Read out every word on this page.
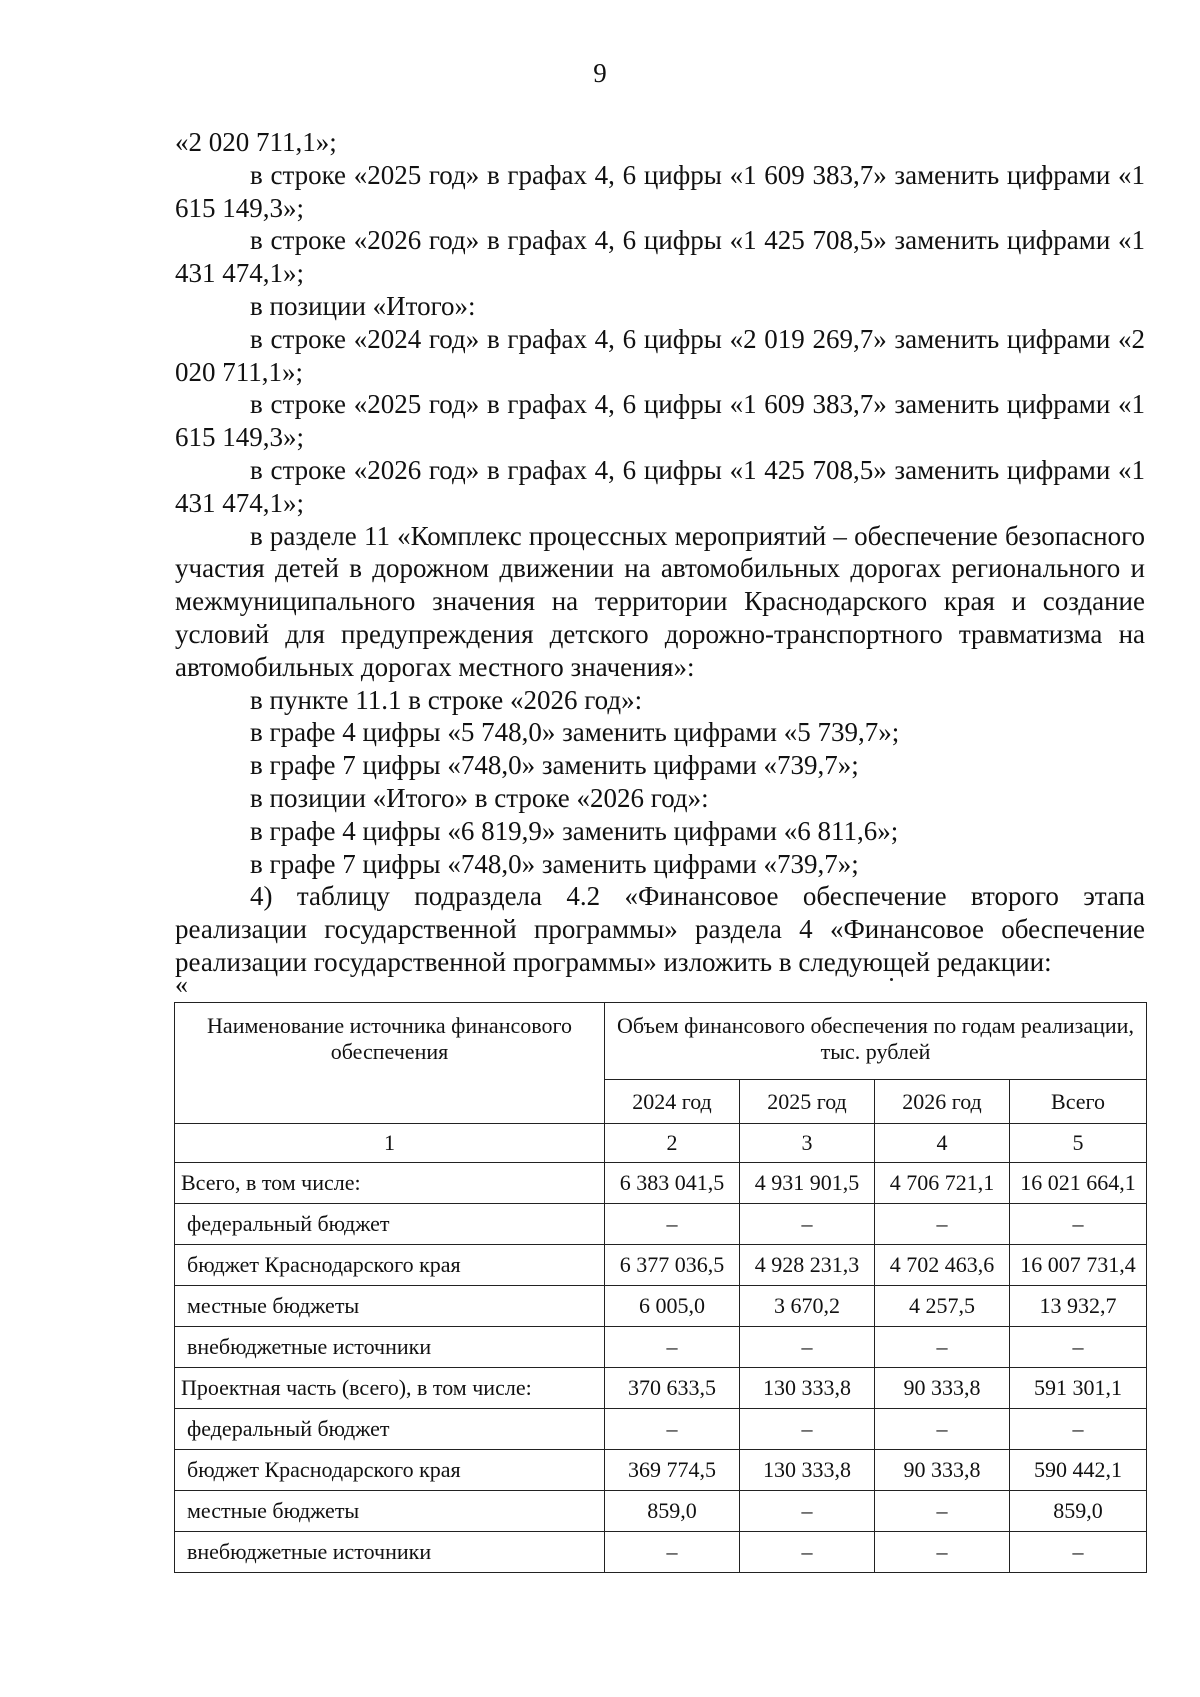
9

«2 020 711,1»;

в строке «2025 год» в графах 4, 6 цифры «1 609 383,7» заменить цифрами «1 615 149,3»;

в строке «2026 год» в графах 4, 6 цифры «1 425 708,5» заменить цифрами «1 431 474,1»;

в позиции «Итого»:

в строке «2024 год» в графах 4, 6 цифры «2 019 269,7» заменить цифрами «2 020 711,1»;

в строке «2025 год» в графах 4, 6 цифры «1 609 383,7» заменить цифрами «1 615 149,3»;

в строке «2026 год» в графах 4, 6 цифры «1 425 708,5» заменить цифрами «1 431 474,1»;

в разделе 11 «Комплекс процессных мероприятий – обеспечение безопасного участия детей в дорожном движении на автомобильных дорогах регионального и межмуниципального значения на территории Краснодарского края и создание условий для предупреждения детского дорожно-транспортного травматизма на автомобильных дорогах местного значения»:

в пункте 11.1 в строке «2026 год»:

в графе 4 цифры «5 748,0» заменить цифрами «5 739,7»;

в графе 7 цифры «748,0» заменить цифрами «739,7»;

в позиции «Итого» в строке «2026 год»:

в графе 4 цифры «6 819,9» заменить цифрами «6 811,6»;

в графе 7 цифры «748,0» заменить цифрами «739,7»;

4) таблицу подраздела 4.2 «Финансовое обеспечение второго этапа реализации государственной программы» раздела 4 «Финансовое обеспечение реализации государственной программы» изложить в следующей редакции:

«
Наименование источника финансового обеспечения	Объем финансового обеспечения по годам реализации, тыс. рублей			
	2024 год	2025 год	2026 год	Всего
1	2	3	4	5
Всего, в том числе:	6 383 041,5	4 931 901,5	4 706 721,1	16 021 664,1
федеральный бюджет	–	–	–	–
бюджет Краснодарского края	6 377 036,5	4 928 231,3	4 702 463,6	16 007 731,4
местные бюджеты	6 005,0	3 670,2	4 257,5	13 932,7
внебюджетные источники	–	–	–	–
Проектная часть (всего), в том числе:	370 633,5	130 333,8	90 333,8	591 301,1
федеральный бюджет	–	–	–	–
бюджет Краснодарского края	369 774,5	130 333,8	90 333,8	590 442,1
местные бюджеты	859,0	–	–	859,0
внебюджетные источники	–	–	–	–
